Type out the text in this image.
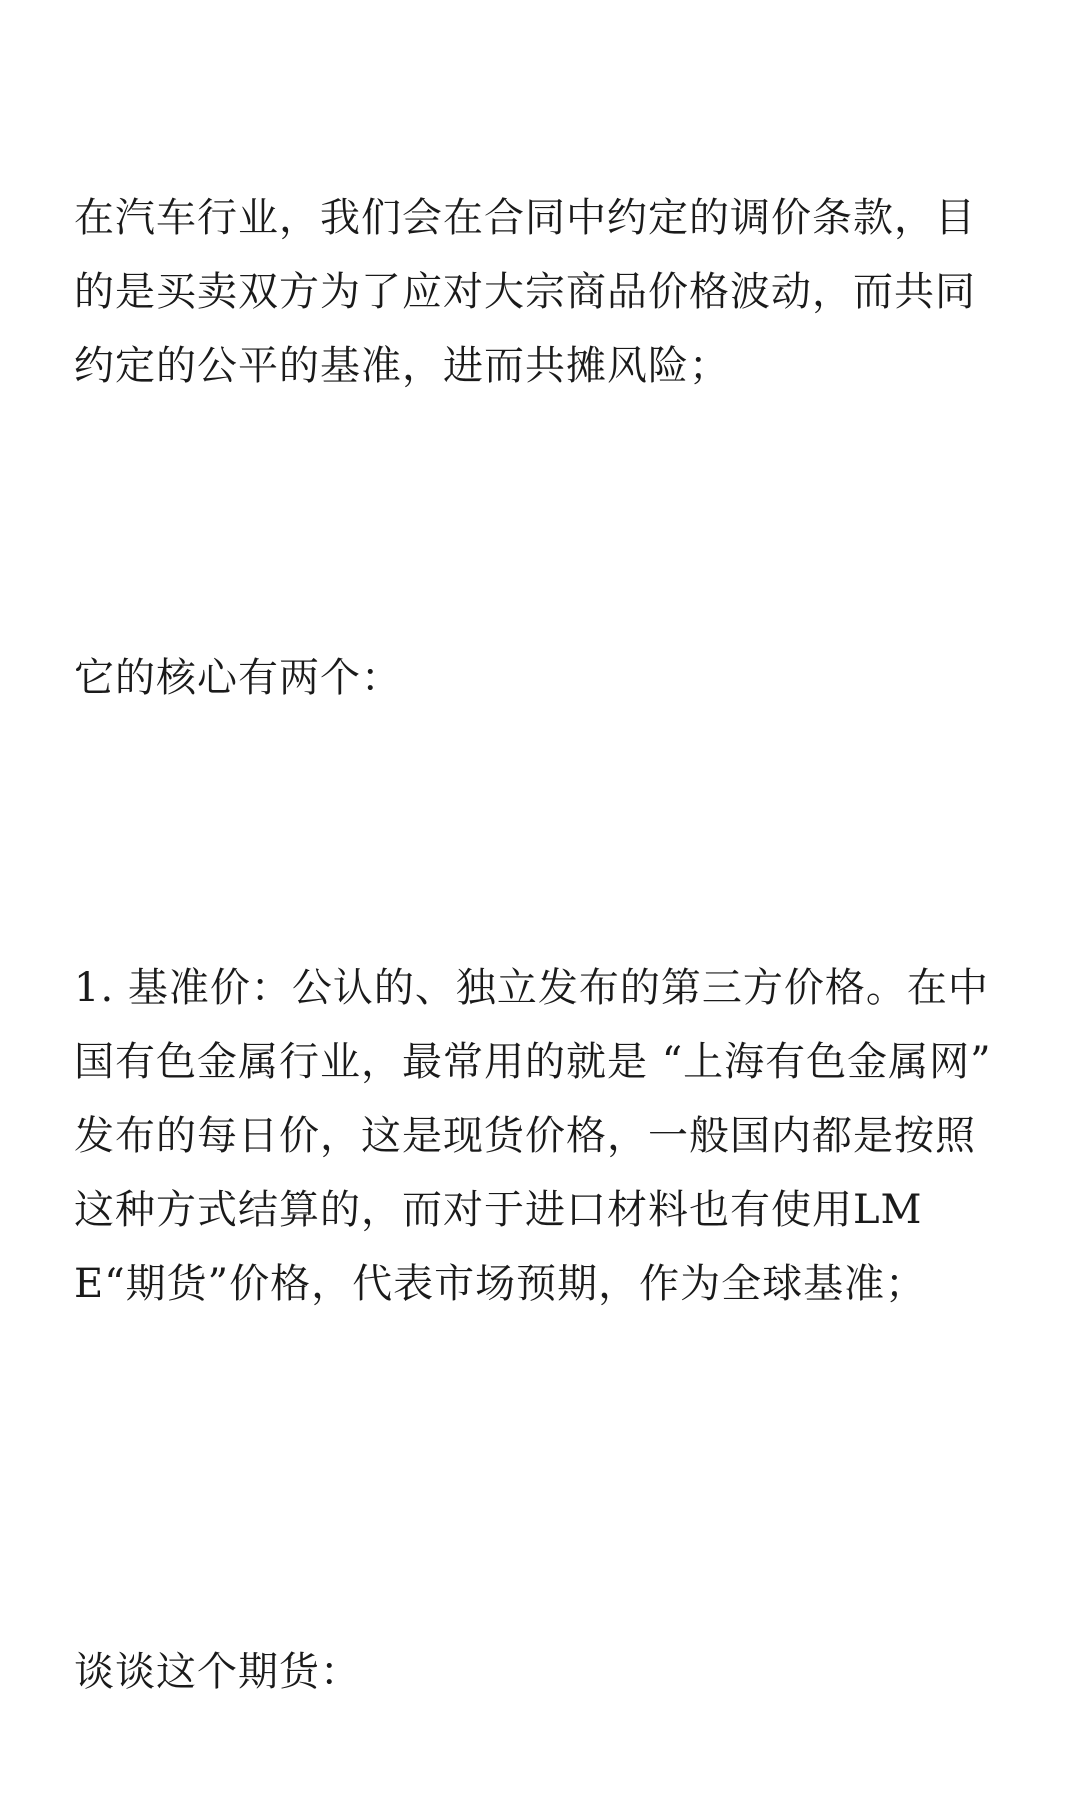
在汽车行业，我们会在合同中约定的调价条款，目的是买卖双方为了应对大宗商品价格波动，而共同约定的公平的基准，进而共摊风险；

它的核心有两个：

1. 基准价：公认的、独立发布的第三方价格。在中国有色金属行业，最常用的就是 “上海有色金属网” 发布的每日价，这是现货价格，一般国内都是按照这种方式结算的，而对于进口材料也有使用LME“期货”价格，代表市场预期，作为全球基准；

谈谈这个期货：
